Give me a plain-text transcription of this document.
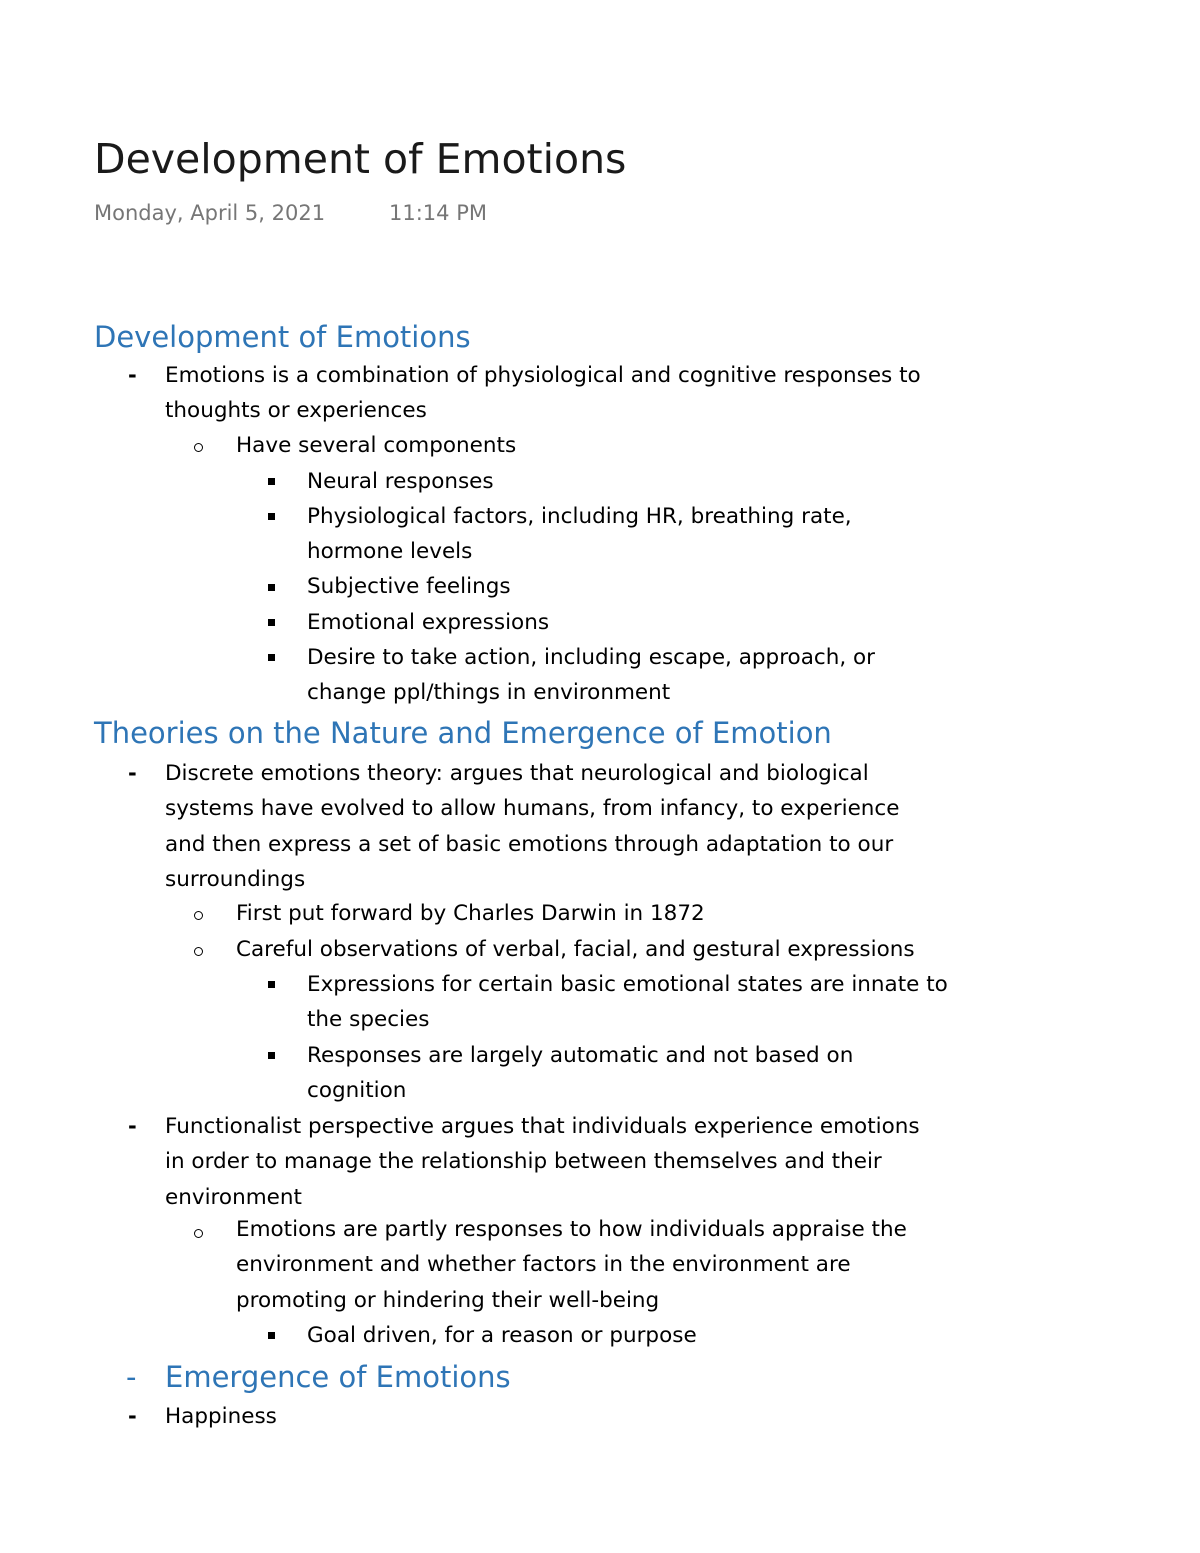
Development of Emotions
Monday, April 5, 2021	11:14 PM
Development of Emotions
- Emotions is a combination of physiological and cognitive responses to
thoughts or experiences
Have several components
Neural responses
Physiological factors, including HR, breathing rate,
hormone levels
Subjective feelings
Emotional expressions
Desire to take action, including escape, approach, or
change ppl/things in environment
Theories on the Nature and Emergence of Emotion
- Discrete emotions theory: argues that neurological and biological
systems have evolved to allow humans, from infancy, to experience
and then express a set of basic emotions through adaptation to our
surroundings
First put forward by Charles Darwin in 1872
Careful observations of verbal, facial, and gestural expressions
Expressions for certain basic emotional states are innate to
the species
Responses are largely automatic and not based on
cognition
- Functionalist perspective argues that individuals experience emotions
in order to manage the relationship between themselves and their
environment
Emotions are partly responses to how individuals appraise the
environment and whether factors in the environment are
promoting or hindering their well-being
Goal driven, for a reason or purpose
- Emergence of Emotions
- Happiness
